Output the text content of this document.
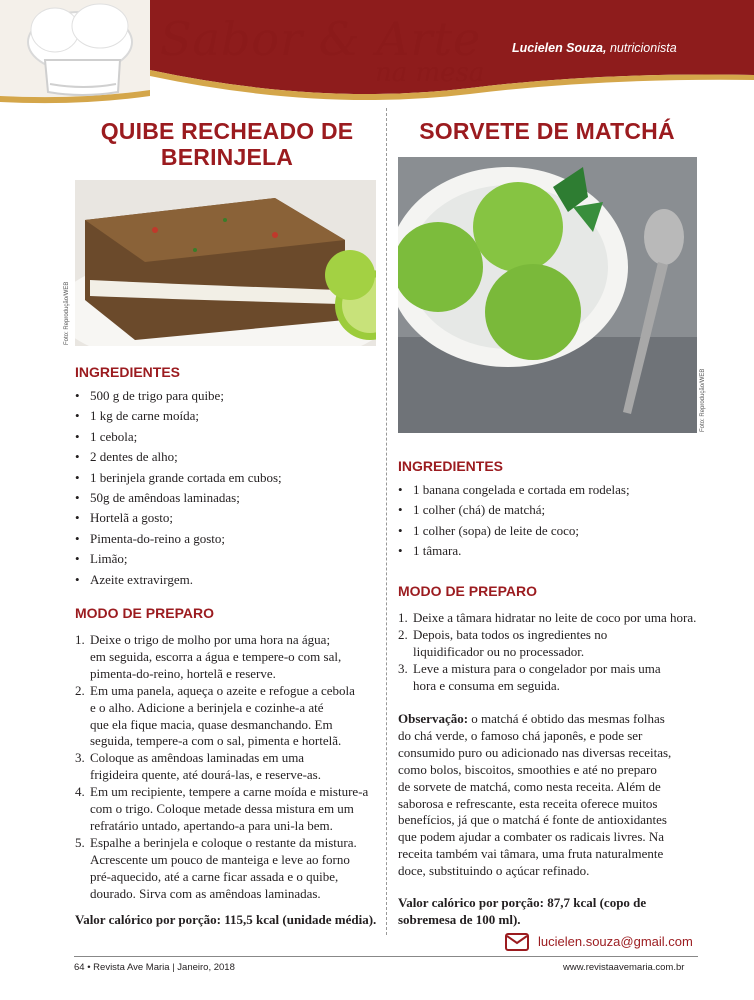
Sabor & Arte
na mesa
Lucielen Souza, nutricionista
QUIBE RECHEADO DE BERINJELA
Foto: Reprodução/WEB
INGREDIENTES
• 500 g de trigo para quibe;
• 1 kg de carne moída;
• 1 cebola;
• 2 dentes de alho;
• 1 berinjela grande cortada em cubos;
• 50g de amêndoas laminadas;
• Hortelã a gosto;
• Pimenta-do-reino a gosto;
• Limão;
• Azeite extravirgem.
MODO DE PREPARO
1. Deixe o trigo de molho por uma hora na água;
em seguida, escorra a água e tempere-o com sal,
pimenta-do-reino, hortelã e reserve.
2. Em uma panela, aqueça o azeite e refogue a cebola
e o alho. Adicione a berinjela e cozinhe-a até
que ela fique macia, quase desmanchando. Em
seguida, tempere-a com o sal, pimenta e hortelã.
3. Coloque as amêndoas laminadas em uma
frigideira quente, até dourá-las, e reserve-as.
4. Em um recipiente, tempere a carne moída e misture-a
com o trigo. Coloque metade dessa mistura em um
refratário untado, apertando-a para uni-la bem.
5. Espalhe a berinjela e coloque o restante da mistura.
Acrescente um pouco de manteiga e leve ao forno
pré-aquecido, até a carne ficar assada e o quibe,
dourado. Sirva com as amêndoas laminadas.
Valor calórico por porção: 115,5 kcal (unidade média).
SORVETE DE MATCHÁ
Foto: Reprodução/WEB
INGREDIENTES
• 1 banana congelada e cortada em rodelas;
• 1 colher (chá) de matchá;
• 1 colher (sopa) de leite de coco;
• 1 tâmara.
MODO DE PREPARO
1. Deixe a tâmara hidratar no leite de coco por uma hora.
2. Depois, bata todos os ingredientes no
liquidificador ou no processador.
3. Leve a mistura para o congelador por mais uma
hora e consuma em seguida.
Observação: o matchá é obtido das mesmas folhas
do chá verde, o famoso chá japonês, e pode ser
consumido puro ou adicionado nas diversas receitas,
como bolos, biscoitos, smoothies e até no preparo
de sorvete de matchá, como nesta receita. Além de
saborosa e refrescante, esta receita oferece muitos
benefícios, já que o matchá é fonte de antioxidantes
que podem ajudar a combater os radicais livres. Na
receita também vai tâmara, uma fruta naturalmente
doce, substituindo o açúcar refinado.
Valor calórico por porção: 87,7 kcal (copo de
sobremesa de 100 ml).
lucielen.souza@gmail.com
64 • Revista Ave Maria | Janeiro, 2018	www.revistaavemaria.com.br
